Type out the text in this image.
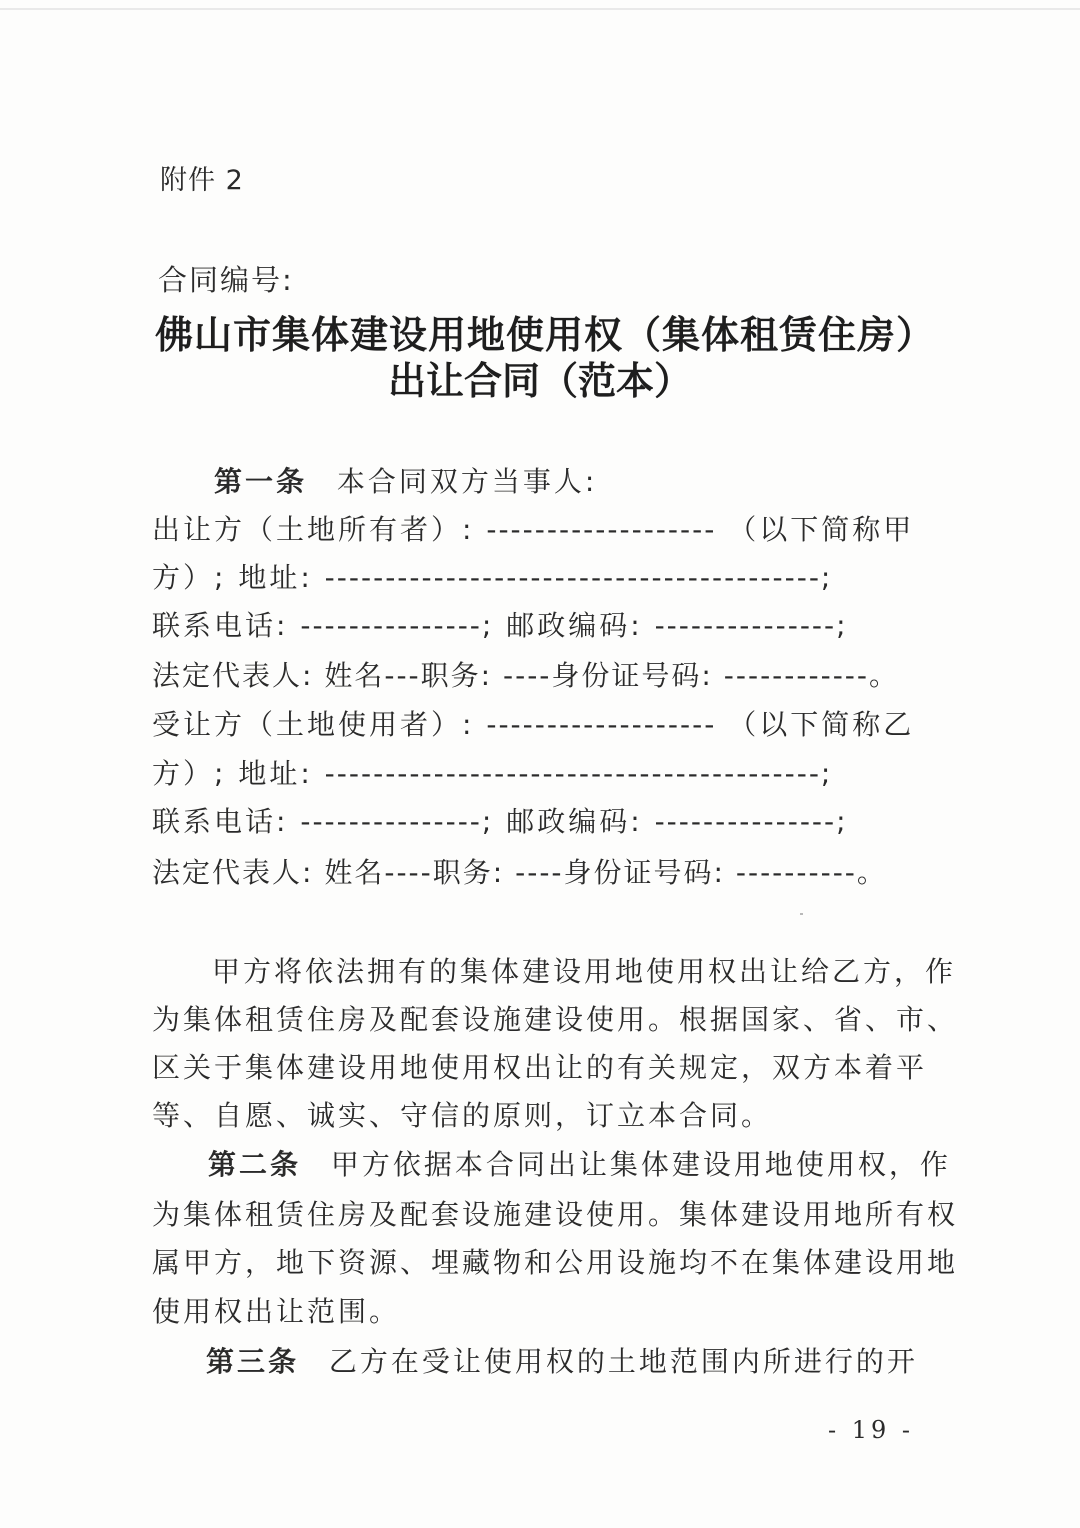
附件 2
合同编号:
佛山市集体建设用地使用权（集体租赁住房）
出让合同（范本）
第一条 本合同双方当事人:
出让方（土地所有者）: ------------------- （以下简称甲
方）; 地址: -----------------------------------------;
联系电话: ---------------; 邮政编码: ---------------;
法定代表人: 姓名---职务: ----身份证号码: ------------。
受让方（土地使用者）: ------------------- （以下简称乙
方）; 地址: -----------------------------------------;
联系电话: ---------------; 邮政编码: ---------------;
法定代表人: 姓名----职务: ----身份证号码: ----------。
甲方将依法拥有的集体建设用地使用权出让给乙方，作
为集体租赁住房及配套设施建设使用。根据国家、省、市、
区关于集体建设用地使用权出让的有关规定，双方本着平
等、自愿、诚实、守信的原则，订立本合同。
第二条 甲方依据本合同出让集体建设用地使用权，作
为集体租赁住房及配套设施建设使用。集体建设用地所有权
属甲方，地下资源、埋藏物和公用设施均不在集体建设用地
使用权出让范围。
第三条 乙方在受让使用权的土地范围内所进行的开
- 19 -
